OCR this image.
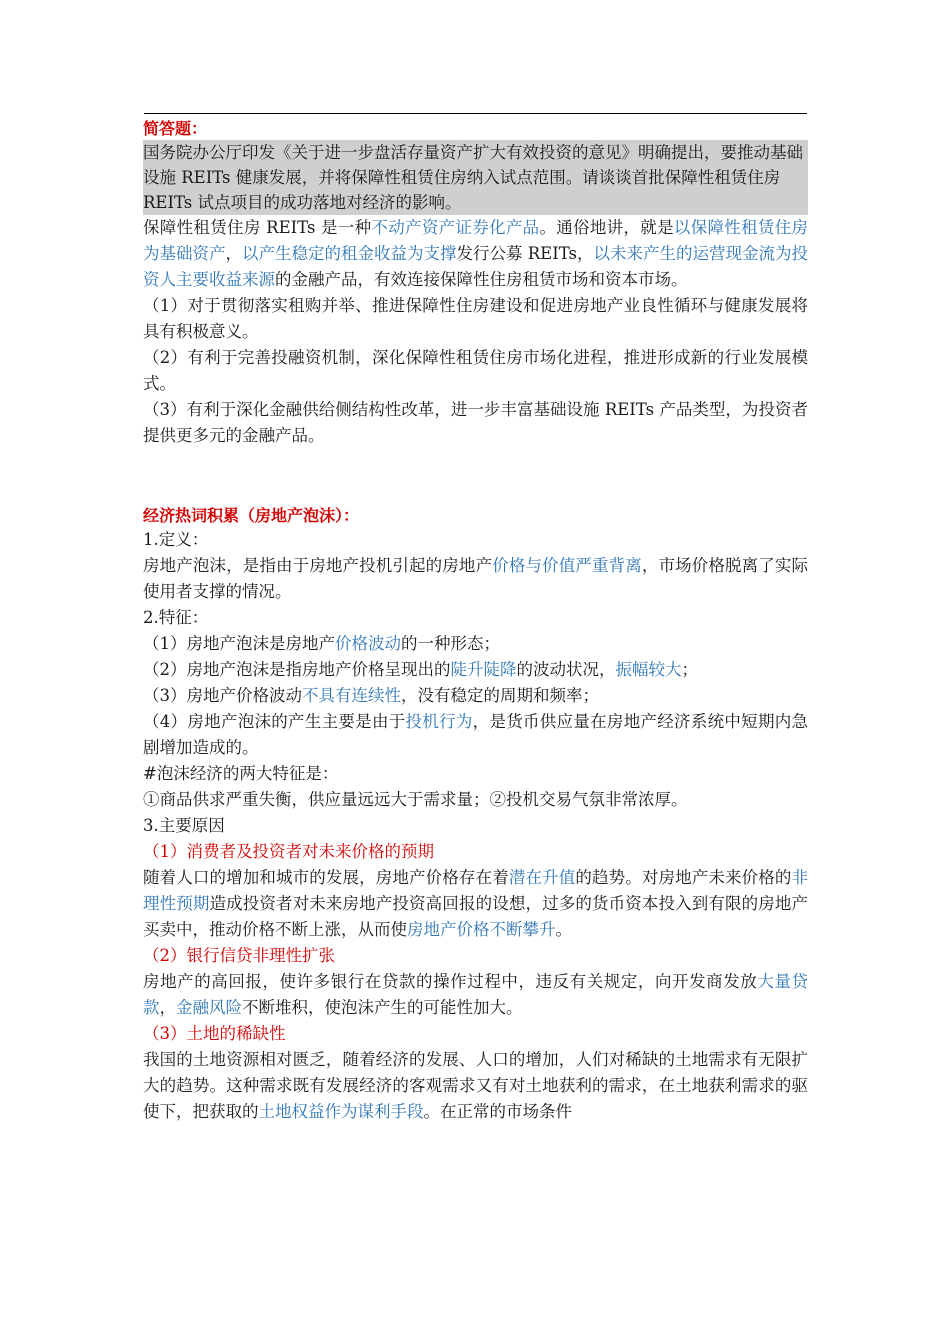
简答题：

国务院办公厅印发《关于进一步盘活存量资产扩大有效投资的意见》明确提出，要推动基础设施 REITs 健康发展，并将保障性租赁住房纳入试点范围。请谈谈首批保障性租赁住房 REITs 试点项目的成功落地对经济的影响。

保障性租赁住房 REITs 是一种不动产资产证券化产品。通俗地讲，就是以保障性租赁住房为基础资产，以产生稳定的租金收益为支撑发行公募 REITs，以未来产生的运营现金流为投资人主要收益来源的金融产品，有效连接保障性住房租赁市场和资本市场。

（1）对于贯彻落实租购并举、推进保障性住房建设和促进房地产业良性循环与健康发展将具有积极意义。

（2）有利于完善投融资机制，深化保障性租赁住房市场化进程，推进形成新的行业发展模式。

（3）有利于深化金融供给侧结构性改革，进一步丰富基础设施 REITs 产品类型，为投资者提供更多元的金融产品。

经济热词积累（房地产泡沫）：

1.定义：

房地产泡沫，是指由于房地产投机引起的房地产价格与价值严重背离，市场价格脱离了实际使用者支撑的情况。

2.特征：

（1）房地产泡沫是房地产价格波动的一种形态；

（2）房地产泡沫是指房地产价格呈现出的陡升陡降的波动状况，振幅较大；

（3）房地产价格波动不具有连续性，没有稳定的周期和频率；

（4）房地产泡沫的产生主要是由于投机行为，是货币供应量在房地产经济系统中短期内急剧增加造成的。

#泡沫经济的两大特征是：

①商品供求严重失衡，供应量远远大于需求量；②投机交易气氛非常浓厚。

3.主要原因

（1）消费者及投资者对未来价格的预期

随着人口的增加和城市的发展，房地产价格存在着潜在升值的趋势。对房地产未来价格的非理性预期造成投资者对未来房地产投资高回报的设想，过多的货币资本投入到有限的房地产买卖中，推动价格不断上涨，从而使房地产价格不断攀升。

（2）银行信贷非理性扩张

房地产的高回报，使许多银行在贷款的操作过程中，违反有关规定，向开发商发放大量贷款，金融风险不断堆积，使泡沫产生的可能性加大。

（3）土地的稀缺性

我国的土地资源相对匮乏，随着经济的发展、人口的增加，人们对稀缺的土地需求有无限扩大的趋势。这种需求既有发展经济的客观需求又有对土地获利的需求，在土地获利需求的驱使下，把获取的土地权益作为谋利手段。在正常的市场条件
